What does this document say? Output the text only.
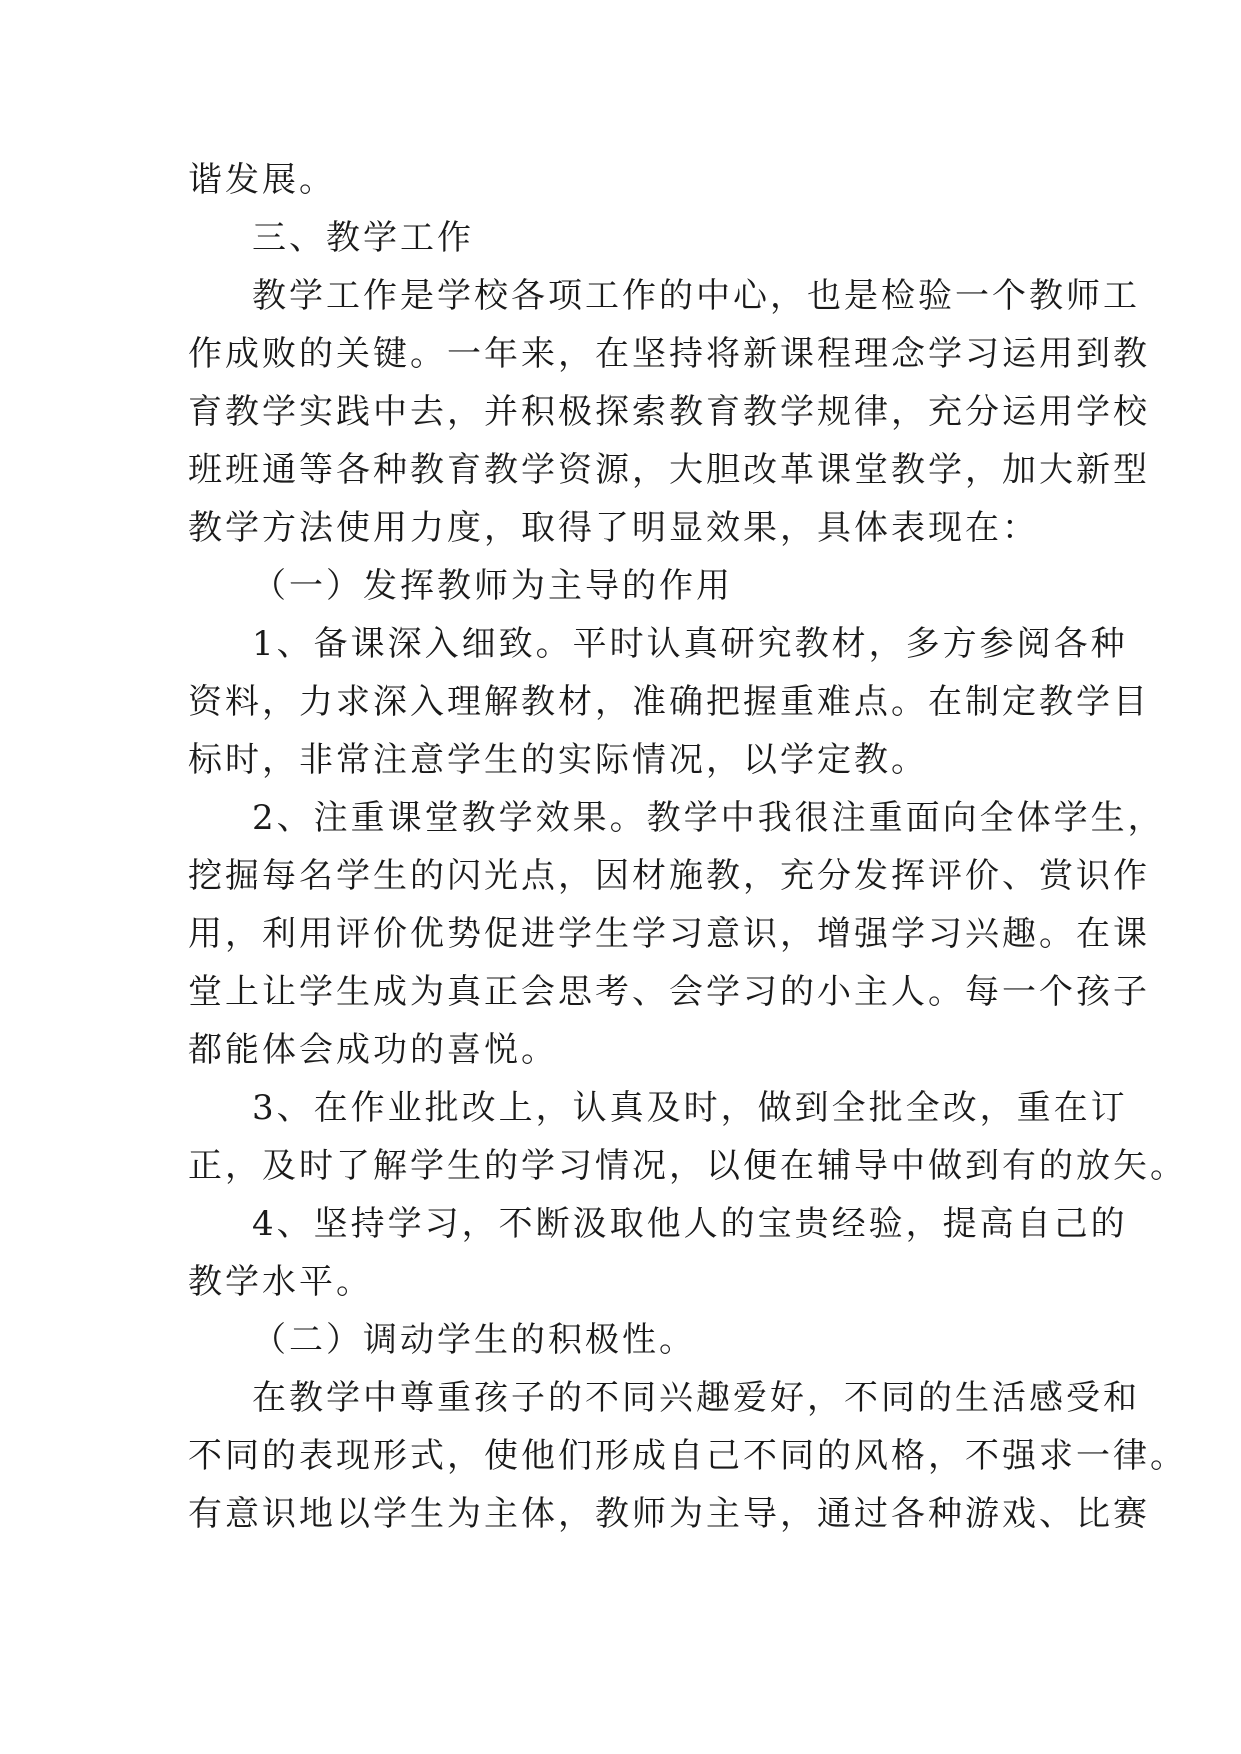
谐发展。

三、教学工作

教学工作是学校各项工作的中心，也是检验一个教师工

作成败的关键。一年来，在坚持将新课程理念学习运用到教

育教学实践中去，并积极探索教育教学规律，充分运用学校

班班通等各种教育教学资源，大胆改革课堂教学，加大新型

教学方法使用力度，取得了明显效果，具体表现在：

（一）发挥教师为主导的作用

1、备课深入细致。平时认真研究教材，多方参阅各种

资料，力求深入理解教材，准确把握重难点。在制定教学目

标时，非常注意学生的实际情况，以学定教。

2、注重课堂教学效果。教学中我很注重面向全体学生，

挖掘每名学生的闪光点，因材施教，充分发挥评价、赏识作

用，利用评价优势促进学生学习意识，增强学习兴趣。在课

堂上让学生成为真正会思考、会学习的小主人。每一个孩子

都能体会成功的喜悦。

3、在作业批改上，认真及时，做到全批全改，重在订

正，及时了解学生的学习情况，以便在辅导中做到有的放矢。

4、坚持学习，不断汲取他人的宝贵经验，提高自己的

教学水平。

（二）调动学生的积极性。

在教学中尊重孩子的不同兴趣爱好，不同的生活感受和

不同的表现形式，使他们形成自己不同的风格，不强求一律。

有意识地以学生为主体，教师为主导，通过各种游戏、比赛
